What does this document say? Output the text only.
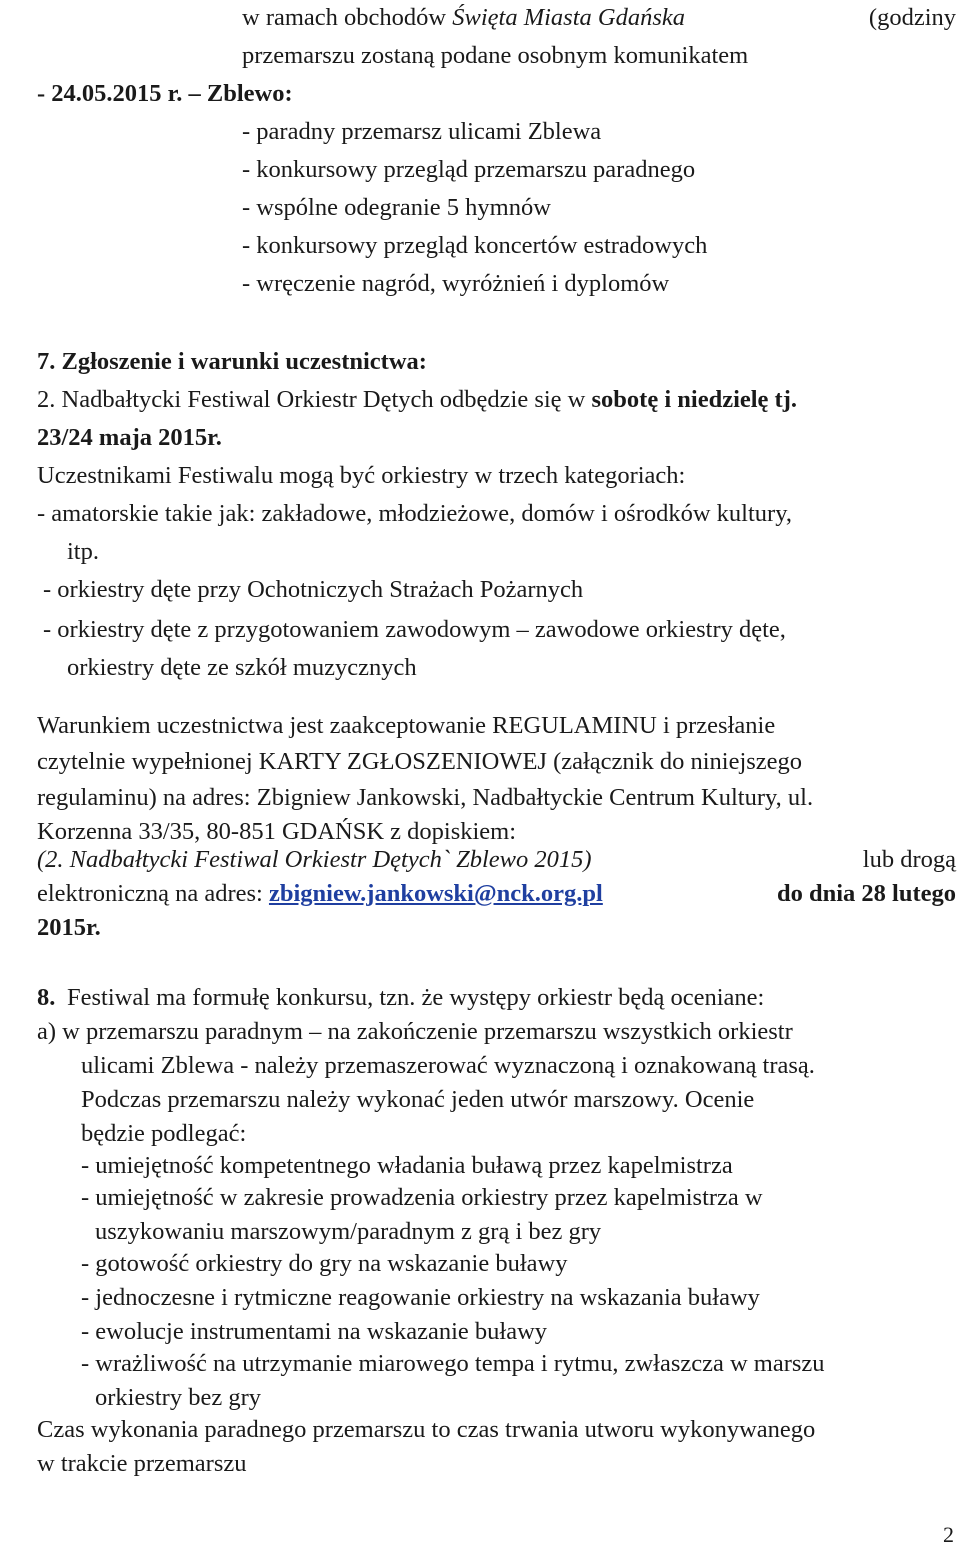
w ramach obchodów Święta Miasta Gdańska	(godziny
przemarszu zostaną podane osobnym komunikatem
- 24.05.2015 r. – Zblewo:
- paradny przemarsz ulicami Zblewa
- konkursowy przegląd przemarszu paradnego
- wspólne odegranie 5 hymnów
- konkursowy przegląd koncertów estradowych
- wręczenie nagród, wyróżnień i dyplomów
7. Zgłoszenie i warunki uczestnictwa:
2. Nadbałtycki Festiwal Orkiestr Dętych odbędzie się w sobotę i niedzielę tj.
23/24 maja 2015r.
Uczestnikami Festiwalu mogą być orkiestry w trzech kategoriach:
- amatorskie takie jak: zakładowe, młodzieżowe, domów i ośrodków kultury,
itp.
- orkiestry dęte przy Ochotniczych Strażach Pożarnych
- orkiestry dęte z przygotowaniem zawodowym – zawodowe orkiestry dęte,
orkiestry dęte ze szkół muzycznych
Warunkiem uczestnictwa jest zaakceptowanie REGULAMINU i przesłanie
czytelnie wypełnionej KARTY ZGŁOSZENIOWEJ (załącznik do niniejszego
regulaminu) na adres: Zbigniew Jankowski, Nadbałtyckie Centrum Kultury, ul.
Korzenna 33/35, 80-851 GDAŃSK z dopiskiem:
(2. Nadbałtycki Festiwal Orkiestr Dętych` Zblewo 2015)	lub drogą
elektroniczną na adres: zbigniew.jankowski@nck.org.pl	do dnia 28 lutego
2015r.
8. Festiwal ma formułę konkursu, tzn. że występy orkiestr będą oceniane:
a) w przemarszu paradnym – na zakończenie przemarszu wszystkich orkiestr
ulicami Zblewa - należy przemaszerować wyznaczoną i oznakowaną trasą.
Podczas przemarszu należy wykonać jeden utwór marszowy. Ocenie
będzie podlegać:
- umiejętność kompetentnego władania buławą przez kapelmistrza
- umiejętność w zakresie prowadzenia orkiestry przez kapelmistrza w
uszykowaniu marszowym/paradnym z grą i bez gry
- gotowość orkiestry do gry na wskazanie buławy
- jednoczesne i rytmiczne reagowanie orkiestry na wskazania buławy
- ewolucje instrumentami na wskazanie buławy
- wrażliwość na utrzymanie miarowego tempa i rytmu, zwłaszcza w marszu
orkiestry bez gry
Czas wykonania paradnego przemarszu to czas trwania utworu wykonywanego
w trakcie przemarszu
2
